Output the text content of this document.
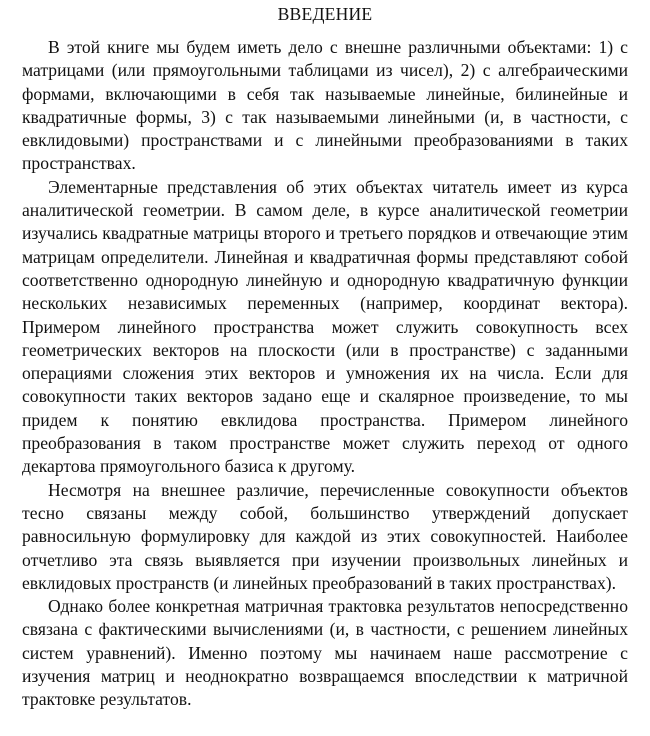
ВВЕДЕНИЕ

В этой книге мы будем иметь дело с внешне различными объектами: 1) с матрицами (или прямоугольными таблицами из чисел), 2) с алгебраическими формами, включающими в себя так называемые линейные, билинейные и квадратичные формы, 3) с так называемыми линейными (и, в частности, с евклидовыми) пространствами и с линейными преобразованиями в таких пространствах.

Элементарные представления об этих объектах читатель имеет из курса аналитической геометрии. В самом деле, в курсе аналитической геометрии изучались квадратные матрицы второго и третьего порядков и отвечающие этим матрицам определители. Линейная и квадратичная формы представляют собой соответственно однородную линейную и однородную квадратичную функции нескольких независимых переменных (например, координат вектора). Примером линейного пространства может служить совокупность всех геометрических векторов на плоскости (или в пространстве) с заданными операциями сложения этих векторов и умножения их на числа. Если для совокупности таких векторов задано еще и скалярное произведение, то мы придем к понятию евклидова пространства. Примером линейного преобразования в таком пространстве может служить переход от одного декартова прямоугольного базиса к другому.

Несмотря на внешнее различие, перечисленные совокупности объектов тесно связаны между собой, большинство утверждений допускает равносильную формулировку для каждой из этих совокупностей. Наиболее отчетливо эта связь выявляется при изучении произвольных линейных и евклидовых пространств (и линейных преобразований в таких пространствах).

Однако более конкретная матричная трактовка результатов непосредственно связана с фактическими вычислениями (и, в частности, с решением линейных систем уравнений). Именно поэтому мы начинаем наше рассмотрение с изучения матриц и неоднократно возвращаемся впоследствии к матричной трактовке результатов.
